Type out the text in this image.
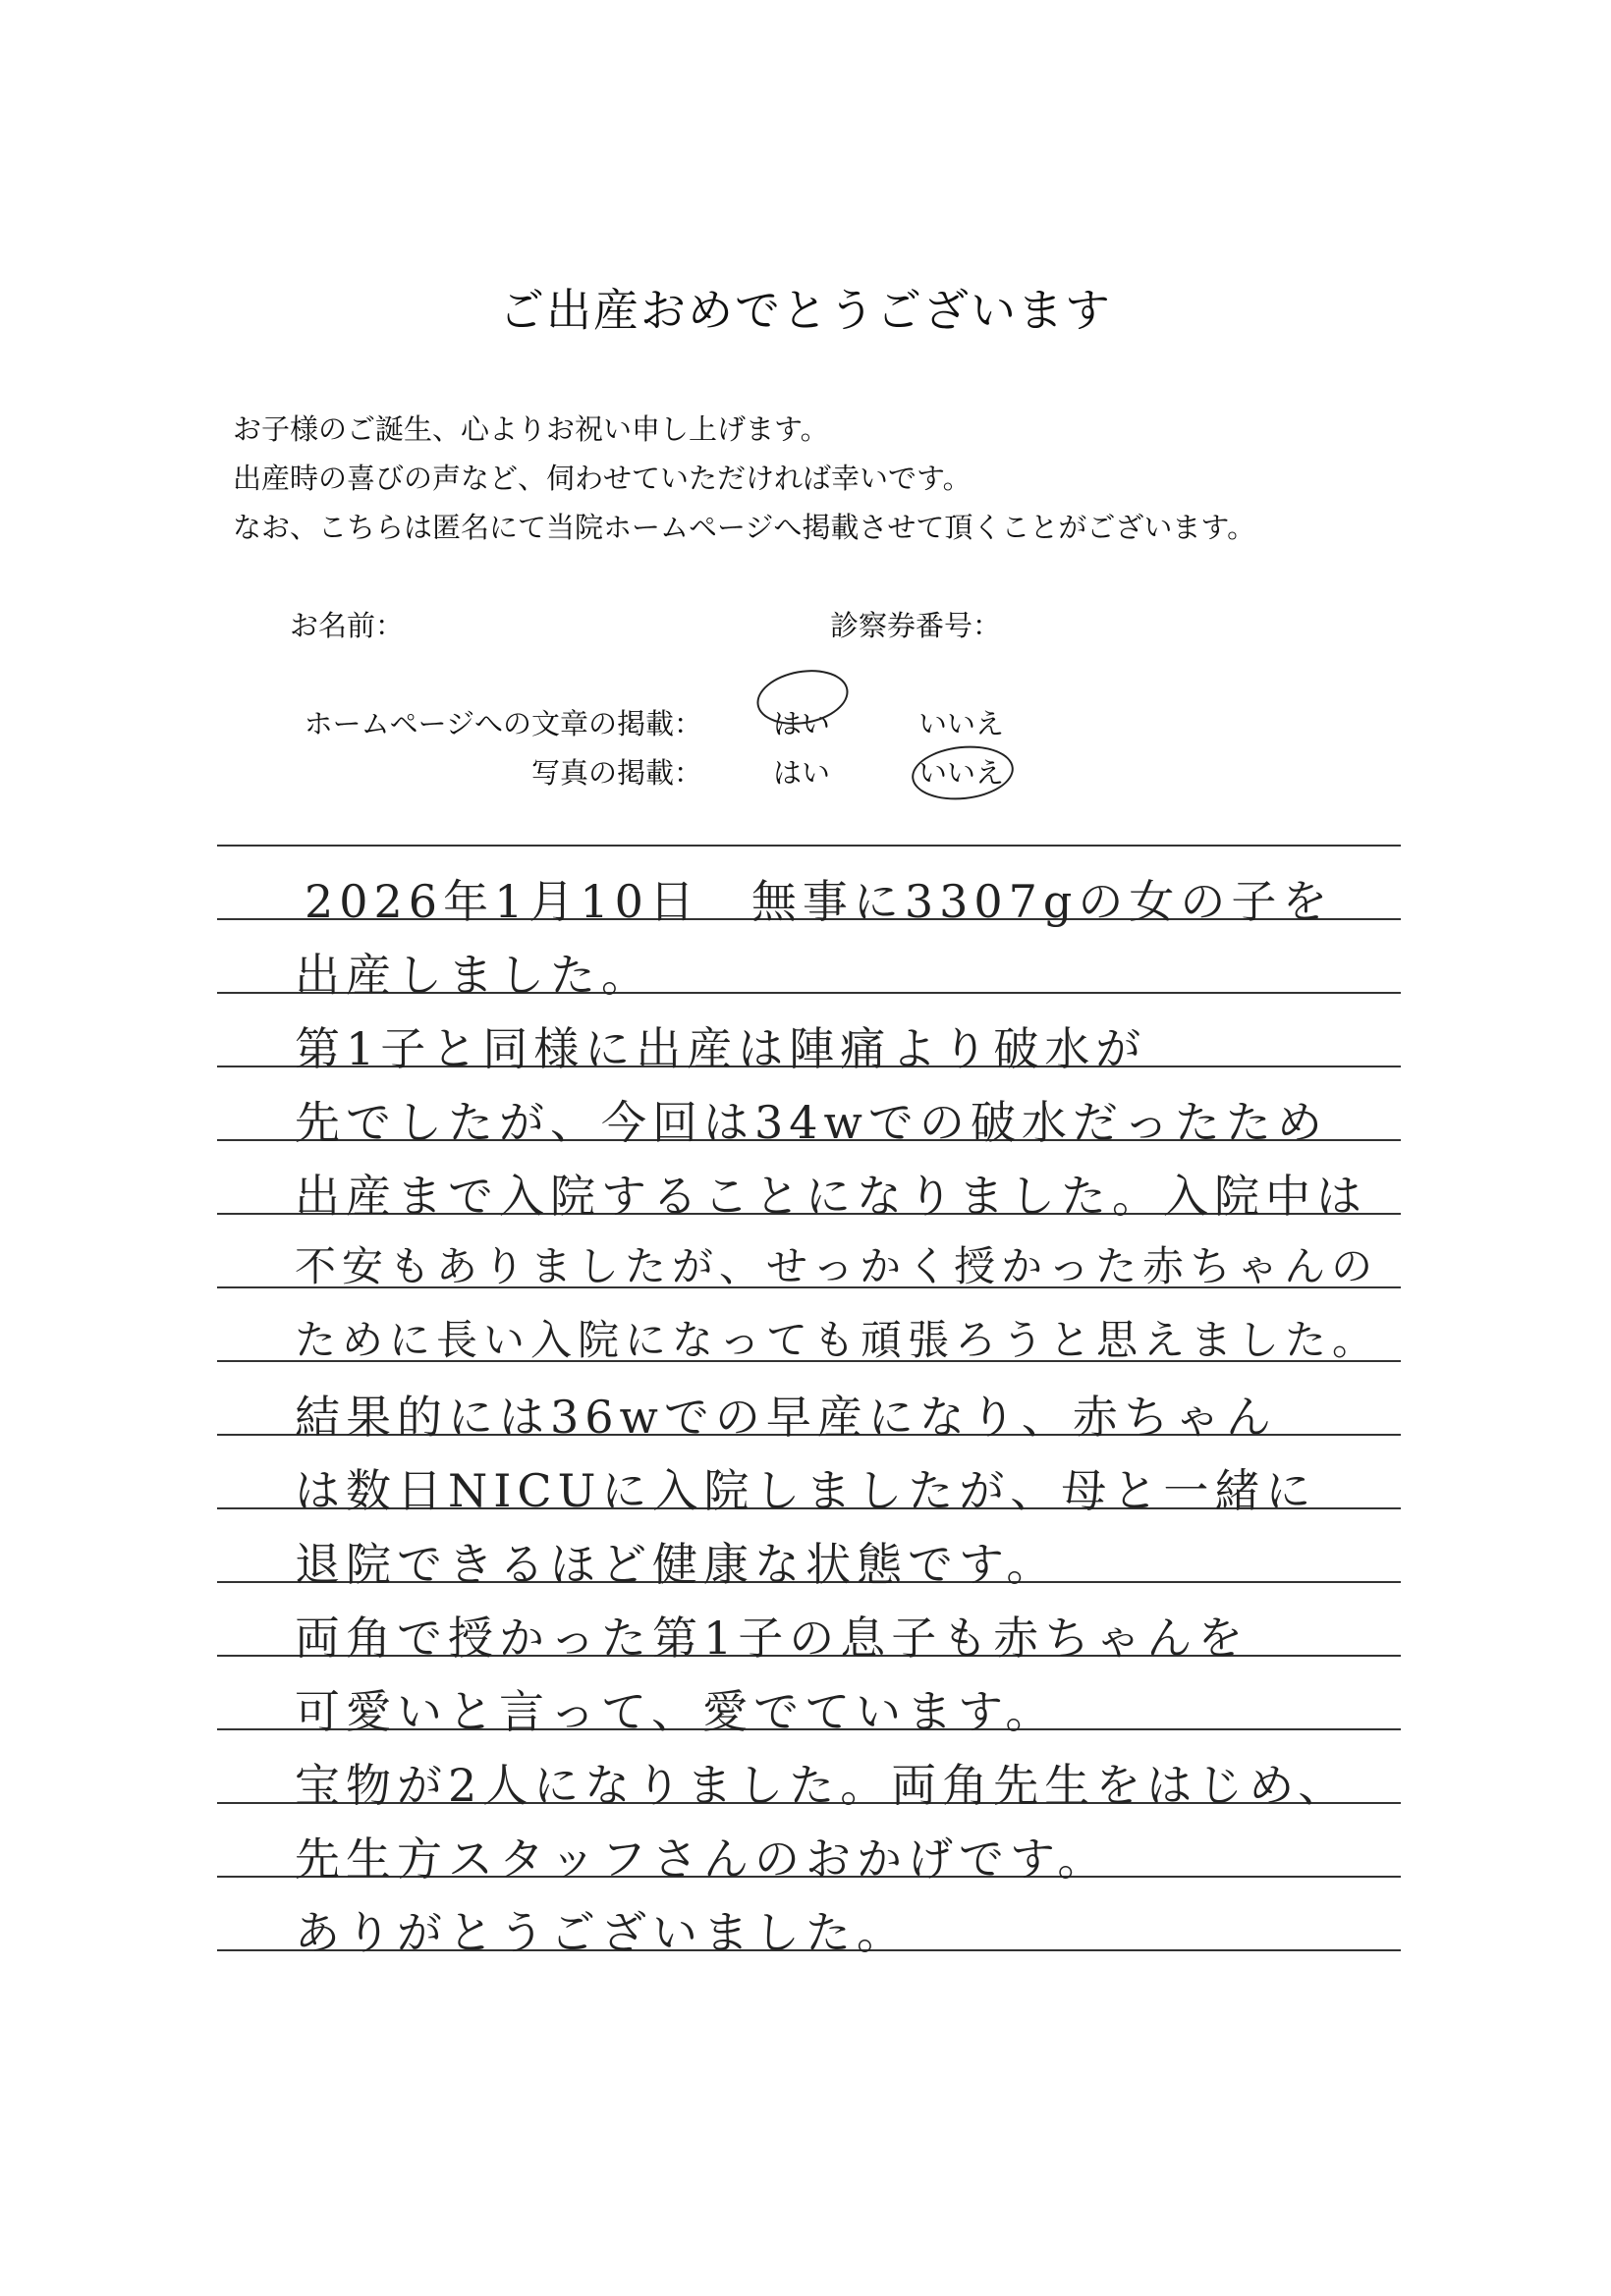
ご出産おめでとうございます
お子様のご誕生、心よりお祝い申し上げます。
出産時の喜びの声など、伺わせていただければ幸いです。
なお、こちらは匿名にて当院ホームページへ掲載させて頂くことがございます。
お名前：	診察券番号：
ホームページへの文章の掲載： はい	いいえ
写真の掲載： はい	いいえ
2026年1月10日　無事に3307gの女の子を
出産しました。
第1子と同様に出産は陣痛より破水が
先でしたが、今回は34wでの破水だったため
出産まで入院することになりました。入院中は
不安もありましたが、せっかく授かった赤ちゃんの
ために長い入院になっても頑張ろうと思えました。
結果的には36wでの早産になり、赤ちゃん
は数日NICUに入院しましたが、母と一緒に
退院できるほど健康な状態です。
両角で授かった第1子の息子も赤ちゃんを
可愛いと言って、愛でています。
宝物が2人になりました。両角先生をはじめ、
先生方スタッフさんのおかげです。
ありがとうございました。
